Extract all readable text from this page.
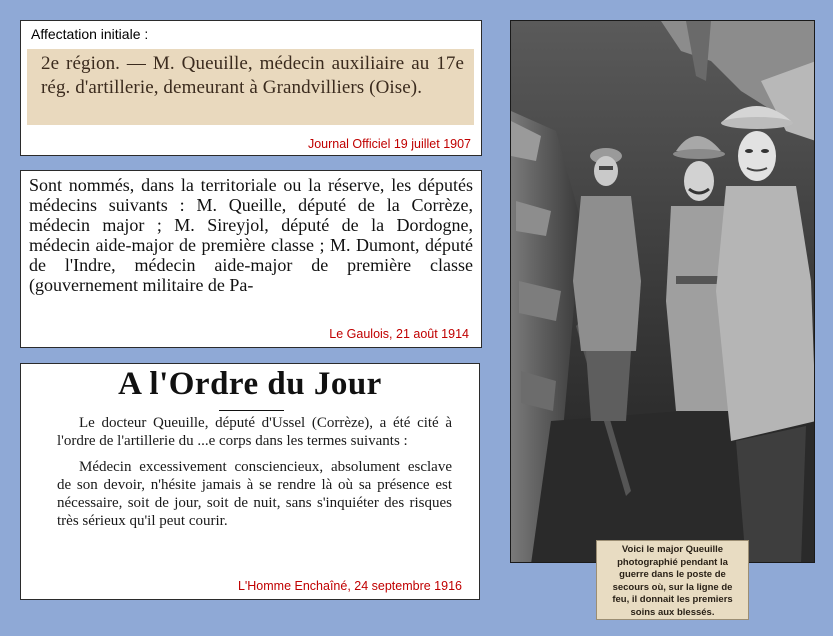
Affectation initiale :
2e région. — M. Queuille, médecin auxiliaire au 17e rég. d'artillerie, demeurant à Grandvilliers (Oise).
Journal Officiel 19 juillet 1907

Sont nommés, dans la territoriale ou la réserve, les députés médecins suivants : M. Queille, député de la Corrèze, médecin major ; M. Sireyjol, député de la Dordogne, médecin aide-major de première classe ; M. Dumont, député de l'Indre, médecin aide-major de première classe (gouvernement militaire de Pa-

Le Gaulois, 21 août 1914
A l'Ordre du Jour

Le docteur Queuille, député d'Ussel (Corrèze), a été cité à l'ordre de l'artillerie du ...e corps dans les termes suivants :

Médecin excessivement consciencieux, absolument esclave de son devoir, n'hésite jamais à se rendre là où sa présence est nécessaire, soit de jour, soit de nuit, sans s'inquiéter des risques très sérieux qu'il peut courir.

L'Homme Enchaîné, 24 septembre 1916
Voici le major Queuille photographié pendant la guerre dans le poste de secours où, sur la ligne de feu, il donnait les premiers soins aux blessés.
